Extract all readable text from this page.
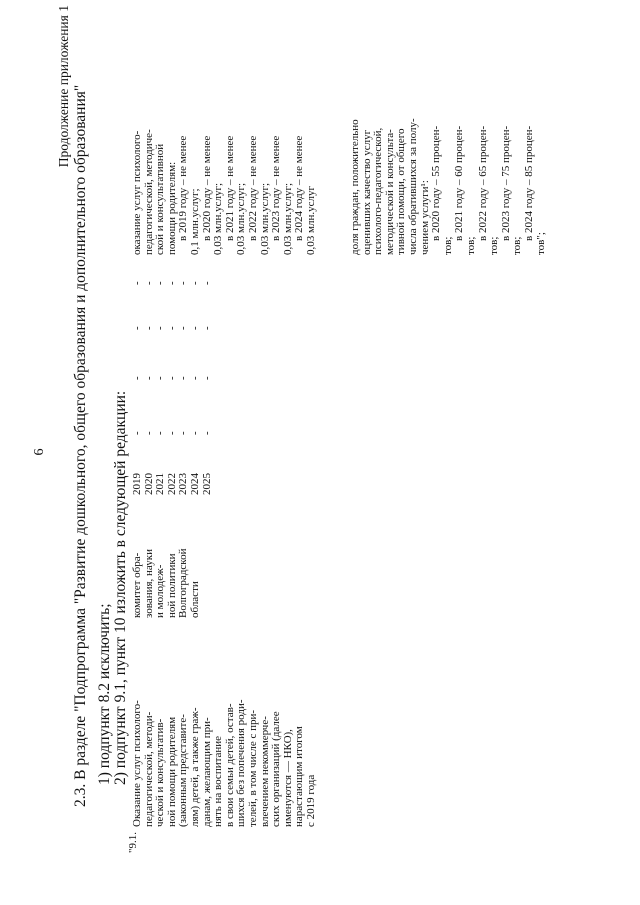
6
Продолжение приложения 1 2.3. В разделе "Подпрограмма "Развитие дошкольного, общего образования и дополнительного образования" 1) подпункт 8.2 исключить; 2) подпункт 9.1, пункт 10 изложить в следующей редакции:
"9.1.
Оказание услуг психолого- педагогической, методи- ческой и консультатив- ной помощи родителям (законным представите- лям) детей, а также граж- данам, желающим при- нять на воспитание в свои семьи детей, остав- шихся без попечения роди- телей, в том числе с при- влечением некоммерче- ских организаций (далее именуются — НКО), нарастающим итогом с 2019 года
комитет обра- зования, науки и молодеж- ной политики Волгоградской области
2019 2020 2021 2022 2023 2024 2025
- - - - - - -
- - - - - - -
- - - - - - -
- - - - - - -
оказание услуг психолого- педагогической, методиче- ской и консультативной помощи родителям: в 2019 году – не менее 0,1 млн.услуг; в 2020 году – не менее 0,03 млн.услуг; в 2021 году – не менее 0,03 млн.услуг; в 2022 году – не менее 0,03 млн.услуг; в 2023 году – не менее 0,03 млн.услуг; в 2024 году – не менее 0,03 млн.услуг	доля граждан, положительно оценивших качество услуг психолого-педагогической, методической и консульта- тивной помощи, от общего числа обратившихся за полу- чением услуги¹: в 2020 году – 55 процен-
тов;
в 2021 году – 60 процен-
тов;
в 2022 году – 65 процен-
тов;
в 2023 году – 75 процен-
тов;
в 2024 году – 85 процен-
тов";
